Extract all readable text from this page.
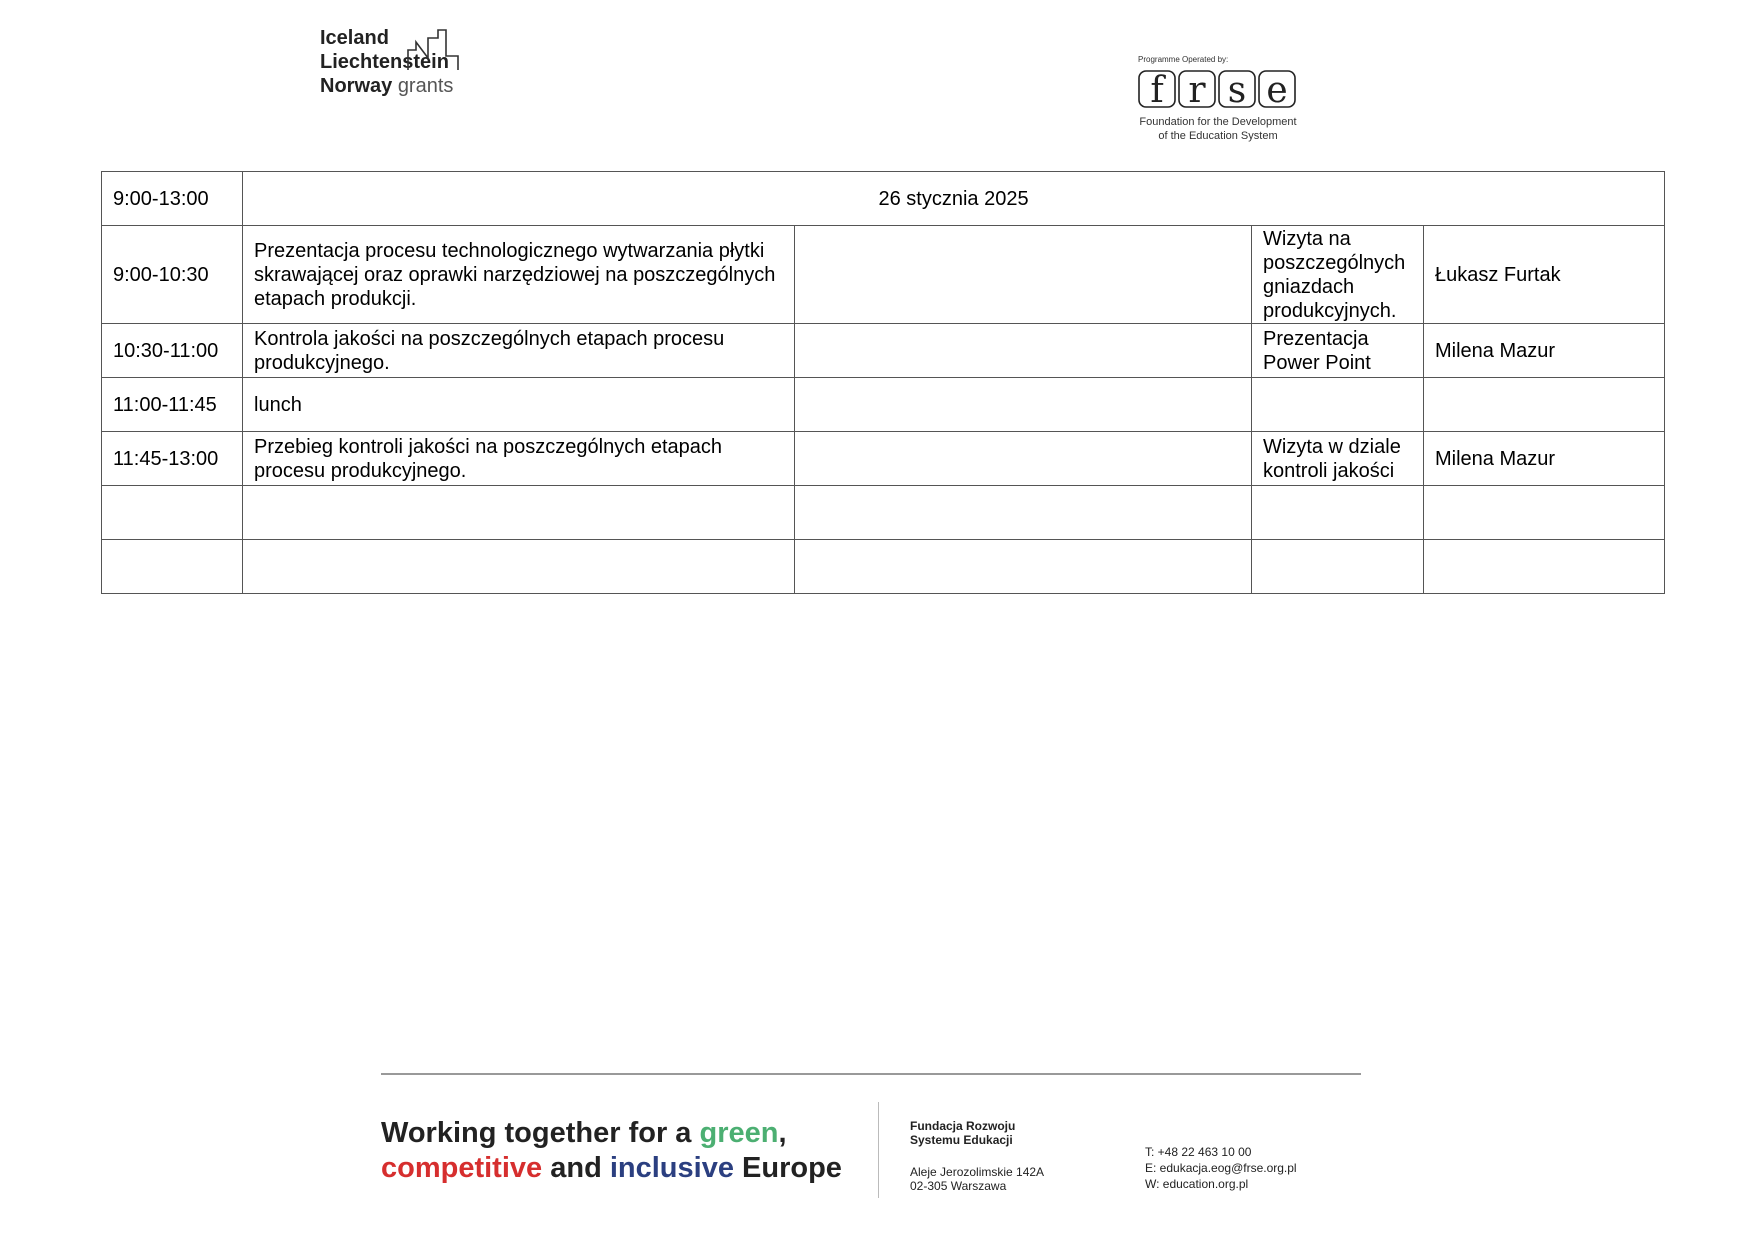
Iceland
Liechtenstein
Norway grants
Programme Operated by:
f r s e
Foundation for the Development
of the Education System
9:00-13:00	26 stycznia 2025			
9:00-10:30	Prezentacja procesu technologicznego wytwarzania płytki skrawającej oraz oprawki narzędziowej na poszczególnych etapach produkcji.		Wizyta na poszczególnych gniazdach produkcyjnych.	Łukasz Furtak
10:30-11:00	Kontrola jakości na poszczególnych etapach procesu produkcyjnego.		Prezentacja Power Point	Milena Mazur
11:00-11:45	lunch			
11:45-13:00	Przebieg kontroli jakości na poszczególnych etapach procesu produkcyjnego.		Wizyta w dziale kontroli jakości	Milena Mazur

Working together for a green,
competitive and inclusive Europe
Fundacja Rozwoju
Systemu Edukacji
Aleje Jerozolimskie 142A
02-305 Warszawa
T: +48 22 463 10 00
E: edukacja.eog@frse.org.pl
W: education.org.pl
